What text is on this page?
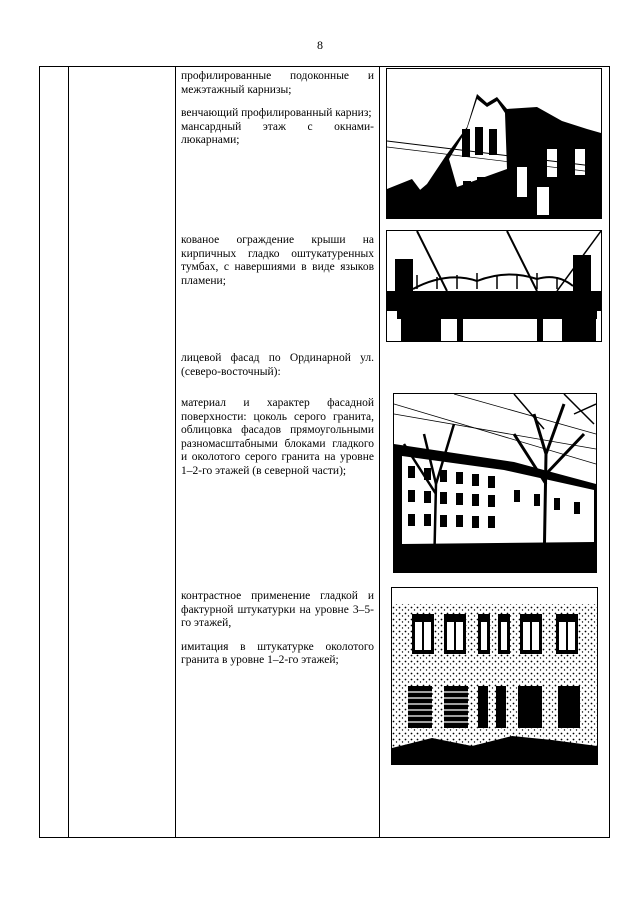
8

профилированные подоконные и межэтажный карнизы;

венчающий профилированный карниз;

мансардный этаж с окнами-люкарнами;

кованое ограждение крыши на кирпичных гладко оштукатуренных тумбах, с навершиями в виде языков пламени;

лицевой фасад по Ординарной ул. (северо-восточный):

материал и характер фасадной поверхности: цоколь серого гранита, облицовка фасадов прямоугольными разномасштабными блоками гладкого и околотого серого гранита на уровне 1–2-го этажей (в северной части);

контрастное применение гладкой и фактурной штукатурки на уровне 3–5-го этажей,

имитация в штукатурке околотого гранита в уровне 1–2-го этажей;
